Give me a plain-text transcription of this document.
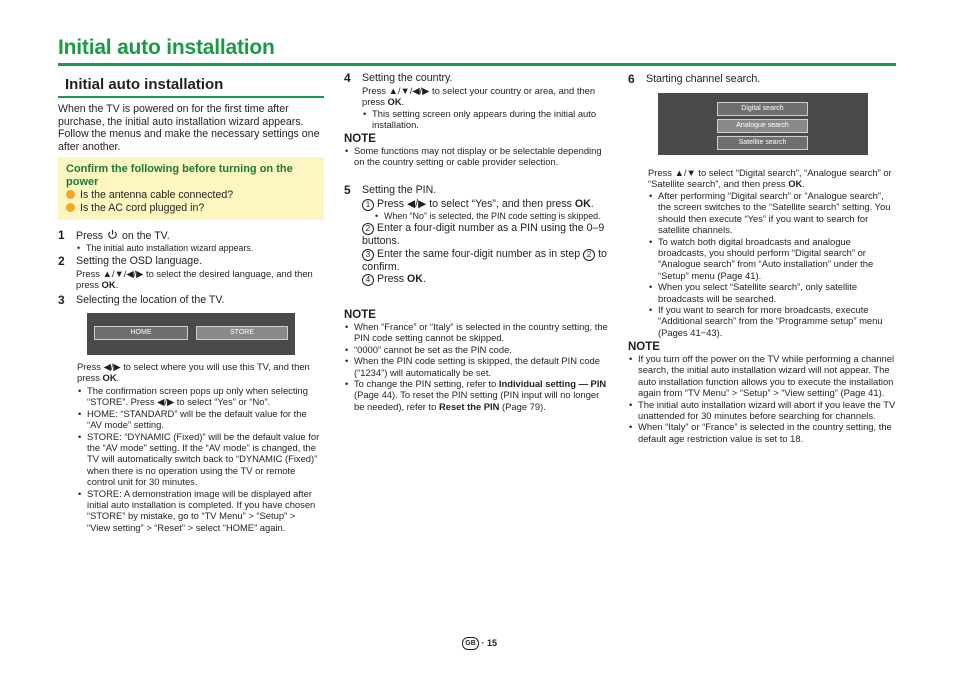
Initial auto installation
Initial auto installation
When the TV is powered on for the first time after purchase, the initial auto installation wizard appears. Follow the menus and make the necessary settings one after another.
Confirm the following before turning on the power
Is the antenna cable connected?
Is the AC cord plugged in?
1	Press on the TV.
• The initial auto installation wizard appears.
2	Setting the OSD language.
Press ▲/▼/◀/▶ to select the desired language, and then press OK.
3	Selecting the location of the TV.
HOME	STORE
Press ◀/▶ to select where you will use this TV, and then press OK.
• The confirmation screen pops up only when selecting “STORE”. Press ◀/▶ to select “Yes” or “No”.
• HOME: “STANDARD” will be the default value for the “AV mode” setting.
• STORE: “DYNAMIC (Fixed)” will be the default value for the “AV mode” setting. If the “AV mode” is changed, the TV will automatically switch back to “DYNAMIC (Fixed)” when there is no operation using the TV or remote control unit for 30 minutes.
• STORE: A demonstration image will be displayed after initial auto installation is completed. If you have chosen “STORE” by mistake, go to “TV Menu” > “Setup” > “View setting” > “Reset” > select “HOME” again.
4	Setting the country.
Press ▲/▼/◀/▶ to select your country or area, and then press OK.
• This setting screen only appears during the initial auto installation.
NOTE
• Some functions may not display or be selectable depending on the country setting or cable provider selection.
5	Setting the PIN.
1 Press ◀/▶ to select “Yes”, and then press OK.
• When “No” is selected, the PIN code setting is skipped.
2 Enter a four-digit number as a PIN using the 0–9 buttons.
3 Enter the same four-digit number as in step 2 to confirm.
4 Press OK.
NOTE
• When “France” or “Italy” is selected in the country setting, the PIN code setting cannot be skipped.
• “0000” cannot be set as the PIN code.
• When the PIN code setting is skipped, the default PIN code (“1234”) will automatically be set.
• To change the PIN setting, refer to Individual setting — PIN (Page 44). To reset the PIN setting (PIN input will no longer be needed), refer to Reset the PIN (Page 79).
6	Starting channel search.
Digital search
Analogue search
Satellite search
Press ▲/▼ to select “Digital search”, “Analogue search” or “Satellite search”, and then press OK.
• After performing “Digital search” or “Analogue search”, the screen switches to the “Satellite search” setting. You should then execute “Yes” if you want to search for satellite channels.
• To watch both digital broadcasts and analogue broadcasts, you should perform “Digital search” or “Analogue search” from “Auto installation” under the “Setup” menu (Page 41).
• When you select “Satellite search”, only satellite broadcasts will be searched.
• If you want to search for more broadcasts, execute “Additional search” from the “Programme setup” menu (Pages 41−43).
NOTE
• If you turn off the power on the TV while performing a channel search, the initial auto installation wizard will not appear. The auto installation function allows you to execute the installation again from “TV Menu” > “Setup” > “View setting” (Page 41).
• The initial auto installation wizard will abort if you leave the TV unattended for 30 minutes before searching for channels.
• When “Italy” or “France” is selected in the country setting, the default age restriction value is set to 18.
GB · 15
